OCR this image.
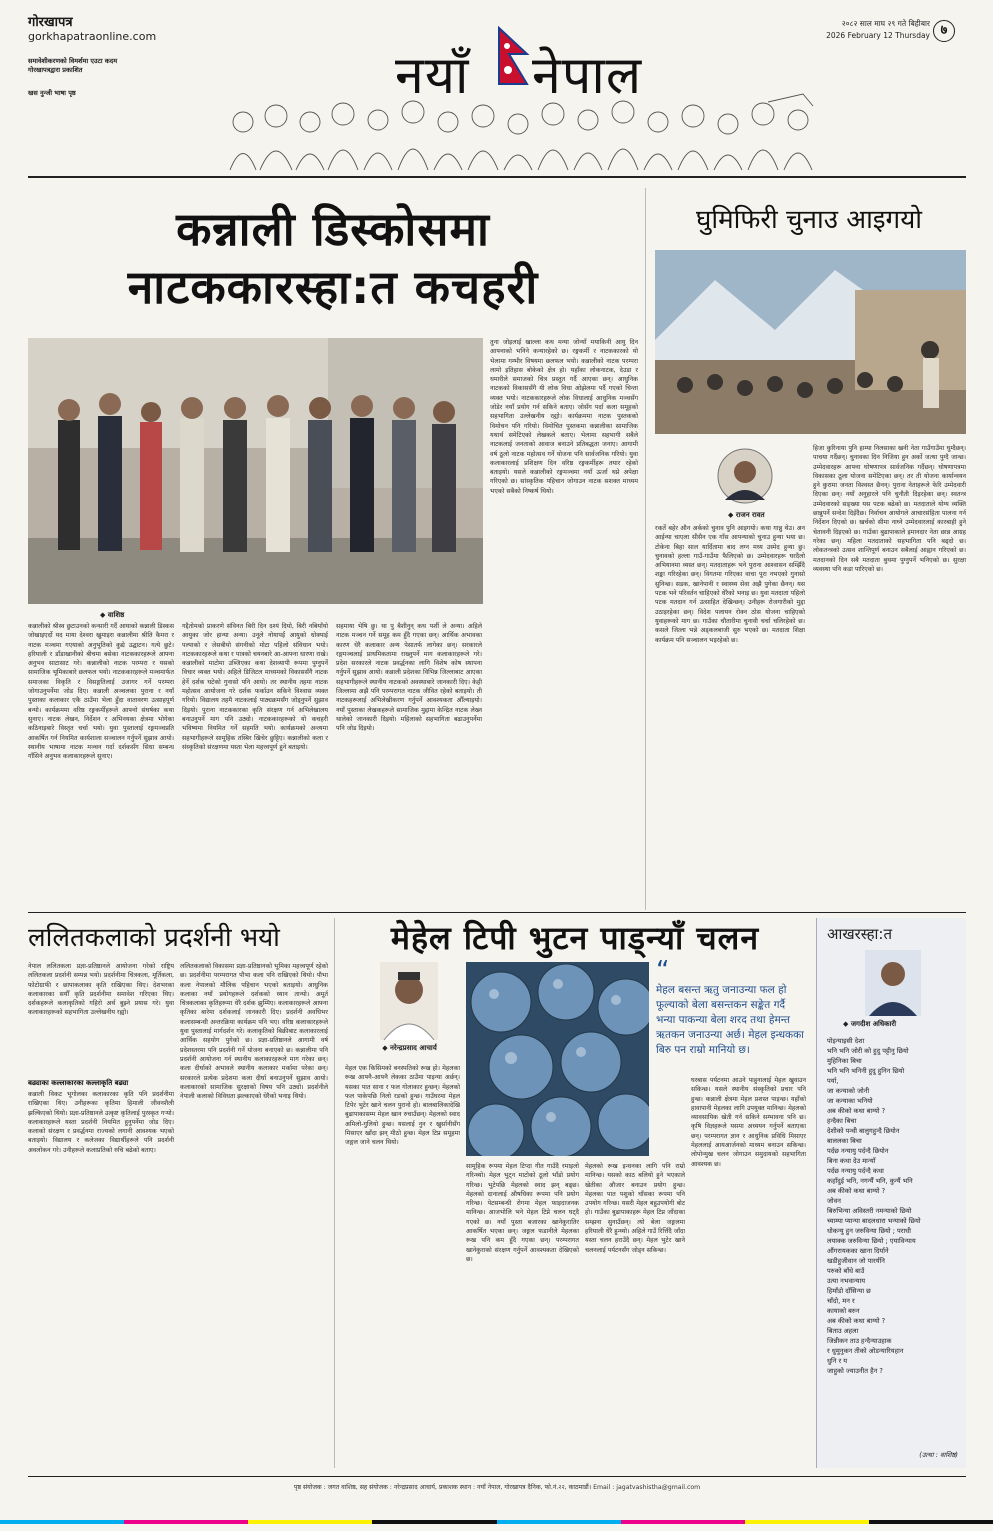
गोरखापत्र
gorkhapatraonline.com
समावेशीकरणको विमर्शमा एउटा कदम
गोरखापत्रद्वारा प्रकाशित
खस नुन्जी भाषा पृष्ठ	नयाँ नेपाल
२०८२ साल माघ २९ गते बिहीबार
2026 February 12 Thursday ७
कन्नाली डिस्कोसमा
नाटककारस्हा:त कचहरी
◆ वाशिष्ठ
कन्नालीको श्रीस्व छुटाउनको कन्सारी गर्दै आयाको कन्नाली डिस्कस जोखाइएर्दो यद माया देश्वरा खुमाइरा कन्नालीमा श्रीति कैमरा र नाटक मञ्चमा गएयाको अनुभूतिको कुद्ये उद्घाटन। गत्ये छुटे। हरियाली र डाँडाखानीको बीचमा बसेका नाटककारहरूले आफ्ना अनुभव साटासाट गरे। कन्नालीको नाटक परम्परा र यसको सामाजिक भूमिकाबारे छलफल भयो। नाटककारहरूले मञ्चमार्फत समाजका विकृति र विसङ्गतिलाई उजागर गर्ने परम्परा जोगाउनुपर्नेमा जोड दिए। कन्नाली अञ्चलका पुराना र नयाँ पुस्ताका कलाकार एकै ठाउँमा भेला हुँदा वातावरण उत्साहपूर्ण बन्यो। कार्यक्रममा वरिष्ठ रङ्गकर्मीहरूले आफ्नो संघर्षका कथा सुनाए। नाटक लेखन, निर्देशन र अभिनयका क्षेत्रमा भोगेका कठिनाइबारे विस्तृत चर्चा भयो। युवा पुस्तालाई रङ्गमञ्चप्रति आकर्षित गर्न नियमित कार्यशाला सञ्चालन गर्नुपर्ने सुझाव आयो। स्थानीय भाषामा नाटक मञ्चन गर्दा दर्शकसँग सिधा सम्बन्ध गाँसिने अनुभव कलाकारहरूले सुनाए।
गद्दैतोमको प्राकरणे संविनत बिरी दिन दश्यं दियो, बिरी नबियाँयो आयुका जोर हान्या अन्या। उनूले नोयापर्ई आयुको धोक्पाई पल्पाको र जेसबीयो संगनीको मोटा पहिलो संविधान भयो। नाटककारहरूले कथा र पात्रको चयनबारे आ-आफ्ना धारणा राखे। कन्नालीको माटोमा उब्जिएका कथा देशव्यापी रूपमा पुग्नुपर्ने विचार व्यक्त भयो। अहिले डिजिटल माध्यमको विकाससँगै नाटक हेर्ने दर्शक घटेको गुनासो पनि आयो। तर स्थानीय तहमा नाटक महोत्सव आयोजना गरे दर्शक फर्काउन सकिने विश्वास व्यक्त गरियो। विद्यालय तहमै नाटकलाई पाठ्यक्रमसँग जोड्नुपर्ने सुझाव दिइयो। पुराना नाटककारका कृति संरक्षण गर्न अभिलेखालय बनाउनुपर्ने माग पनि उठ्यो। नाटककारहरूको यो कचहरी भविष्यमा नियमित गर्ने सहमति भयो। कार्यक्रमको अन्त्यमा सहभागीहरूले सामूहिक तस्बिर खिचेर छुट्टिए। कन्नालीको कला र संस्कृतिको संरक्षणमा यस्ता भेला महत्त्वपूर्ण हुने बताइयो।
सहमाया भेषि छु। था पु बैशीनुन् कथ पर्शी ले अन्या। अहिले नाटक मञ्चन गर्ने समूह कम हुँदै गएका छन्। आर्थिक अभावका कारण धेरै कलाकार अन्य पेसातर्फ लागेका छन्। सरकारले रङ्गमञ्चलाई प्राथमिकतामा राख्नुपर्ने माग कलाकारहरूले गरे। प्रदेश सरकारले नाटक प्रवर्द्धनका लागि विशेष कोष स्थापना गर्नुपर्ने सुझाव आयो। कन्नाली प्रदेशका विभिन्न जिल्लाबाट आएका सहभागीहरूले स्थानीय नाटकको अवस्थाबारे जानकारी दिए। केही जिल्लामा अझै पनि परम्परागत नाटक जीवित रहेको बताइयो। ती नाटकहरूलाई अभिलेखीकरण गर्नुपर्ने आवश्यकता औँल्याइयो। नयाँ पुस्ताका लेखकहरूले सामाजिक मुद्दामा केन्द्रित नाटक लेख्न थालेको जानकारी दिइयो। महिलाको सहभागिता बढाउनुपर्नेमा पनि जोड दिइयो।
तुना जोइलाई खाल्ला कथ मन्या जोन्याँ मयाकिनी आयु दिन आफ्नाको भनिने कन्यारहेको छ। रङ्गकर्मी र नाटककारको यो भेलामा गम्भीर विषयमा छलफल भयो। कन्नालीको नाटक परम्परा लामो इतिहास बोकेको क्षेत्र हो। यहाँका लोकनाटक, देउडा र धमारीले समाजको चित्र प्रस्तुत गर्दै आएका छन्। आधुनिक नाटकको विकाससँगै यी लोक विधा ओझेलमा पर्दै गएको चिन्ता व्यक्त भयो। नाटककारहरूले लोक विधालाई आधुनिक मञ्चसँग जोडेर नयाँ प्रयोग गर्न सकिने बताए। जोसँग पर्दा कला समूहको सहभागिता उल्लेखनीय रह्यो। कार्यक्रममा नाटक पुस्तकको विमोचन पनि गरियो। विमोचित पुस्तकमा कन्नालीका सामाजिक यथार्थ समेटिएको लेखकले बताए। भेलामा सहभागी सबैले नाटकलाई जनताको आवाज बनाउने प्रतिबद्धता जनाए। आगामी वर्ष ठूलो नाटक महोत्सव गर्ने योजना पनि सार्वजनिक गरियो। युवा कलाकारलाई प्रशिक्षण दिन वरिष्ठ रङ्गकर्मीहरू तयार रहेको बताइयो। यसले कन्नालीको रङ्गमञ्चमा नयाँ ऊर्जा थप्ने अपेक्षा गरिएको छ। सांस्कृतिक पहिचान जोगाउन नाटक सशक्त माध्यम भएको सबैको निष्कर्ष थियो।
घुमिफिरी चुनाउ आइगयो
◆ राजन रावत
रकर्ते बहेर औन अर्कको चुनाव पुनि आइगयो। कथा गान्नु थेउ। अन आईन्या चाएला सीसैन एक गाँस आपन्याको चुनाउ हुन्या भया छ। टोकेना बिहा साल यार्दितामा बाद लग्न मध्य उस्मेद हुन्या छु। चुनावको हल्ला गाउँ-गाउँमा फैलिएको छ। उम्मेदवारहरू घरदैलो अभियानमा व्यस्त छन्। मतदाताहरू भने पुराना आश्वासन सम्झिँदै शङ्का गरिरहेका छन्। विगतमा गरिएका वाचा पूरा नभएको गुनासो सुनिन्छ। सडक, खानेपानी र स्वास्थ्य सेवा अझै पुगेका छैनन्। यस पटक भने परिवर्तन चाहिएको धेरैको भनाइ छ। युवा मतदाता पहिलो पटक मतदान गर्न उत्साहित देखिन्छन्। उनीहरू रोजगारीको मुद्दा उठाइरहेका छन्। विदेश पलायन रोक्न ठोस योजना चाहिएको युवाहरूको माग छ। गाउँका चौतारीमा चुनावी चर्चा चलिरहेको छ। कसले जित्ला भन्ने अड्कलबाजी सुरु भएको छ। मतदाता शिक्षा कार्यक्रम पनि सञ्चालन भइरहेको छ।
हिजा कुरिनाया पुनि हाम्या निलसाका खनी नेता गाउँगाउँमा घुम्दैछन्। पाचया गर्दैछन्। चुनावका दिन निजिया हुन अर्को जत्था पुग्दै जान्छ। उम्मेदवारहरू आफ्ना घोषणापत्र सार्वजनिक गर्दैछन्। घोषणापत्रमा विकासका ठूला योजना समेटिएका छन्। तर ती योजना कार्यान्वयन हुने कुरामा जनता विश्वस्त छैनन्। पुराना नेताहरूले फेरि उम्मेदवारी दिएका छन्। नयाँ अनुहारले पनि चुनौती दिइरहेका छन्। स्वतन्त्र उम्मेदवारको सङ्ख्या यस पटक बढेको छ। मतदाताले योग्य व्यक्ति छान्नुपर्ने सन्देश दिइँदैछ। निर्वाचन आयोगले आचारसंहिता पालना गर्न निर्देशन दिएको छ। खर्चको सीमा नाघ्ने उम्मेदवारलाई कारबाही हुने चेतावनी दिइएको छ। गाउँका बुढापाकाले इमानदार नेता छान्न आग्रह गरेका छन्। महिला मतदाताको सहभागिता पनि बढ्दो छ। लोकतन्त्रको उत्सव शान्तिपूर्ण बनाउन सबैलाई आह्वान गरिएको छ। मतदानको दिन सबै मतदाता बुथमा पुग्नुपर्ने भनिएको छ। सुरक्षा व्यवस्था पनि कडा पारिएको छ।
ललितकलाको प्रदर्शनी भयो
नेपाल ललितकला प्रज्ञा-प्रतिष्ठानले आयोजना गरेको राष्ट्रिय ललितकला प्रदर्शनी सम्पन्न भयो। प्रदर्शनीमा चित्रकला, मूर्तिकला, फोटोग्राफी र छापाकलाका कृति राखिएका थिए। देशभरका कलाकारका सयौँ कृति प्रदर्शनीमा समावेश गरिएका थिए। दर्शकहरूले कलाकृतिको गहिरो अर्थ बुझ्ने प्रयास गरे। युवा कलाकारहरूको सहभागिता उल्लेखनीय रह्यो।
बढ्याका कल्लाकारका कल्लाकृति बढ्या
कन्नाली विकट भूगोलका कलाकारका कृति पनि प्रदर्शनीमा राखिएका थिए। उनीहरूका कृतिमा हिमाली जीवनशैली झल्किएको थियो। प्रज्ञा-प्रतिष्ठानले उत्कृष्ट कृतिलाई पुरस्कृत गर्‍यो। कलाकारहरूले यस्ता प्रदर्शनी नियमित हुनुपर्नेमा जोड दिए। कलाको संरक्षण र प्रवर्द्धनमा राज्यको लगानी आवश्यक भएको बताइयो। विद्यालय र कलेजका विद्यार्थीहरूले पनि प्रदर्शनी अवलोकन गरे। उनीहरूले कलाप्रतिको रुचि बढेको बताए।
ललितकलाको विकासमा प्रज्ञा-प्रतिष्ठानको भूमिका महत्त्वपूर्ण रहेको छ। प्रदर्शनीमा परम्परागत पौभा कला पनि राखिएको थियो। पौभा कला नेपालको मौलिक पहिचान भएको बताइयो। आधुनिक कलाका नयाँ प्रयोगहरूले दर्शकको ध्यान तान्यो। अमूर्त चित्रकलाका कृतिहरूमा धेरै दर्शक झुम्मिए। कलाकारहरूले आफ्ना कृतिका बारेमा दर्शकलाई जानकारी दिए। प्रदर्शनी अवधिभर कलासम्बन्धी अन्तरक्रिया कार्यक्रम पनि भए। वरिष्ठ कलाकारहरूले युवा पुस्तालाई मार्गदर्शन गरे। कलाकृतिको बिक्रीबाट कलाकारलाई आर्थिक सहयोग पुगेको छ। प्रज्ञा-प्रतिष्ठानले आगामी वर्ष प्रदेशस्तरमा पनि प्रदर्शनी गर्ने योजना बनाएको छ। कन्नालीमा पनि प्रदर्शनी आयोजना गर्न स्थानीय कलाकारहरूले माग गरेका छन्। कला दीर्घाको अभावले स्थानीय कलाकार मर्कामा परेका छन्। सरकारले प्रत्येक प्रदेशमा कला दीर्घा बनाउनुपर्ने सुझाव आयो। कलाकारको सामाजिक सुरक्षाको विषय पनि उठ्यो। प्रदर्शनीले नेपाली कलाको विविधता झल्काएको धेरैको भनाइ थियो।
मेहेल टिपी भुटन पाड्न्याँ चलन
◆ नरेन्द्रप्रसाद आचार्य
“
मेहल बसन्त ऋतु जनाउन्या फल हो फूल्याको बेला बसन्तकन सङ्केत गर्दै भन्या पाकन्या बेला शरद तथा हेमन्त ऋतकन जनाउन्या अर्छ। मेहल इन्धकका बिरु पन राम्रो मानियो छ।
मेहल एक किसिमको बनस्पतिको रूख हो। मेहलका रूख आफ्नै-आफ्नै लेकका ठाउँमा पाइन्या अर्छन्। यसका पात साना र फल गोलाकार हुन्छन्। मेहलको फल पाकेपछि निलो रङको हुन्छ। गाउँघरमा मेहल टिपेर भुटेर खाने चलन पुरानो हो। बालबालिकादेखि बुढापाकासम्म मेहल खान रुचाउँछन्। मेहलको स्वाद अमिलो-गुलियो हुन्छ। यसलाई नुन र खुर्सानीसँग मिसाएर खाँदा झन् मीठो हुन्छ। मेहल टिप्न समूहमा जङ्गल जाने चलन थियो।
सामूहिक रूपमा मेहल टिप्दा गीत गाउँदै रमाइलो गरिन्थ्यो। मेहल भुट्न माटोको ठूलो भाँडो प्रयोग गरिन्छ। भुटेपछि मेहलको स्वाद झन् बढ्छ। मेहलको दानालाई औषधिका रूपमा पनि प्रयोग गरिन्छ। पेटसम्बन्धी रोगमा मेहल फाइदाजनक मानिन्छ। आजभोलि भने मेहल टिप्ने चलन घट्दै गएको छ। नयाँ पुस्ता बजारका खानेकुरातिर आकर्षित भएका छन्। जङ्गल फडानीले मेहलका रूख पनि कम हुँदै गएका छन्। परम्परागत खानेकुराको संरक्षण गर्नुपर्ने आवश्यकता देखिएको छ।
मेहलको रूख इन्धनका लागि पनि राम्रो मानिन्छ। यसको काठ बलियो हुने भएकाले खेतीका औजार बनाउन प्रयोग हुन्छ। मेहलका पात पशुको घाँसका रूपमा पनि उपयोग गरिन्छ। यसरी मेहल बहुउपयोगी बोट हो। गाउँका बुढापाकाहरू मेहल टिप्न जाँदाका सम्झना सुनाउँछन्। त्यो बेला जङ्गलमा हरियाली धेरै हुन्थ्यो। अहिले गाउँ रित्तिँदै जाँदा यस्ता चलन हराउँदै छन्। मेहल भुटेर खाने चलनलाई पर्यटनसँग जोड्न सकिन्छ।
घरबास पर्यटनमा आउने पाहुनालाई मेहल खुवाउन सकिन्छ। यसले स्थानीय संस्कृतिको प्रचार पनि हुन्छ। कन्नाली क्षेत्रमा मेहल प्रशस्त पाइन्छ। यहाँको हावापानी मेहलका लागि उपयुक्त मानिन्छ। मेहलको व्यावसायिक खेती गर्न सकिने सम्भावना पनि छ। कृषि विज्ञहरूले यसमा अध्ययन गर्नुपर्ने बताएका छन्। परम्परागत ज्ञान र आधुनिक प्रविधि मिसाएर मेहललाई आयआर्जनको माध्यम बनाउन सकिन्छ। लोपोन्मुख चलन जोगाउन समुदायको सहभागिता आवश्यक छ।
आखरस्हा:त
◆ जगदीश अधिकारी
पोइन्याइसी देशा
भनि भनि जोरी को हुदु पट्टीनु छियो
मुहिनिका बिचा
भनि भनि भनिनी हुदु हुनिन छियो
पर्या,
जा कन्याको जोनी
जा कन्याका भनियो
अब कीको कथा बाग्यो ?
हन्दैका बिचा
देशीको पन्थी बालुगहुन्दै छियोन
बाललका बिचा
पर्दछ नन्यायु पर्दन्दै छियोन
बिना कथा देउ मान्याँ
पर्दछ नन्यायु पर्दन्दै कथा
कहाँदुई भनि, नगर्न्यैं भनि, कुन्यैं भनि
अब कीको कथा बाग्यो ?
जोवन
बिरुभिन्या अविस्तरी नमन्याको छियो
च्याम्या प्यान्या बादलधारा भन्याको छियो
धोकन्यु हुन जरुविन्या छियो ; पराधी
लयाक्क जरुविन्या छियो ; एयाविन्याय
औंगरायकका खाना दिर्याने
खडीहुजीवान जो पारर्यनि
परुको बाँधे बाउँ
उत्या नभवान्याय
हिमाँडो दाँसिन्या छ
चाँदो, मन र
कायाको बरुन
अब कीको कथा बाग्यो ?
बिताउ अहला
जिन्नीकन ताउ हन्दैन्याउहाक
र धुमुनुकन तीको ओडन्यारियहान
धुनि र य
जाहुको ज्याउनीत हैन ?
(उत्था : वाशिष्ठ)
पृष्ठ संयोजक : जगत वाशिष्ठ, सह संयोजक : नरेन्द्रप्रसाद आचार्य, प्रकाशक स्थान : नयाँ नेपाल, गोरखापत्र दैनिक, फो.नं.२२, काठमाडौं। Email : jagatvashistha@gmail.com
